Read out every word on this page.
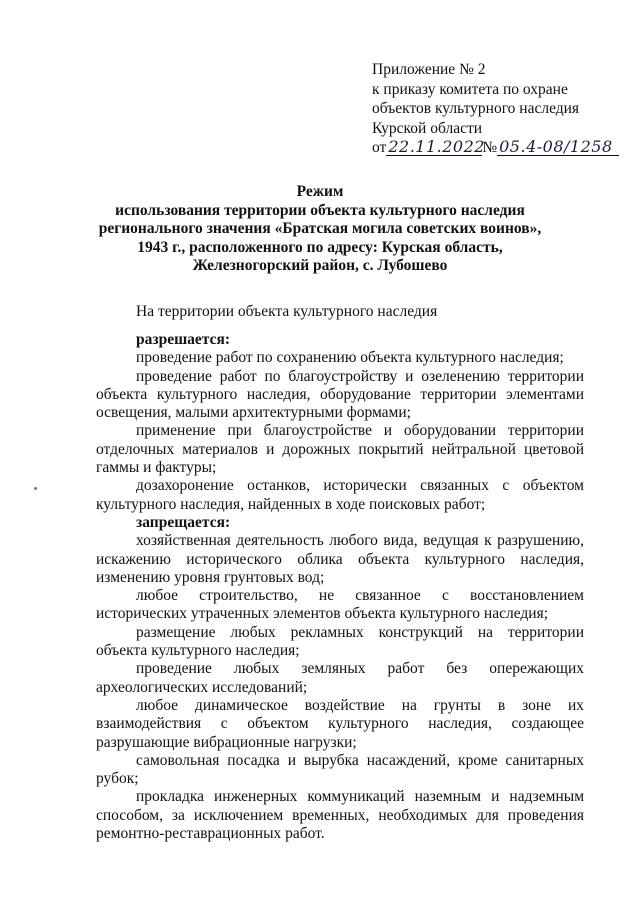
Приложение № 2
к приказу комитета по охране
объектов культурного наследия
Курской области
от 22.11.2022№ 05.4-08/1258
Режим
использования территории объекта культурного наследия
регионального значения «Братская могила советских воинов»,
1943 г., расположенного по адресу: Курская область,
Железногорский район, с. Лубошево
На территории объекта культурного наследия

разрешается:

проведение работ по сохранению объекта культурного наследия;

проведение работ по благоустройству и озеленению территории объекта культурного наследия, оборудование территории элементами освещения, малыми архитектурными формами;

применение при благоустройстве и оборудовании территории отделочных материалов и дорожных покрытий нейтральной цветовой гаммы и фактуры;

дозахоронение останков, исторически связанных с объектом культурного наследия, найденных в ходе поисковых работ;

запрещается:

хозяйственная деятельность любого вида, ведущая к разрушению, искажению исторического облика объекта культурного наследия, изменению уровня грунтовых вод;

любое строительство, не связанное с восстановлением исторических утраченных элементов объекта культурного наследия;

размещение любых рекламных конструкций на территории объекта культурного наследия;

проведение любых земляных работ без опережающих археологических исследований;

любое динамическое воздействие на грунты в зоне их взаимодействия с объектом культурного наследия, создающее разрушающие вибрационные нагрузки;

самовольная посадка и вырубка насаждений, кроме санитарных рубок;

прокладка инженерных коммуникаций наземным и надземным способом, за исключением временных, необходимых для проведения ремонтно-реставрационных работ.
